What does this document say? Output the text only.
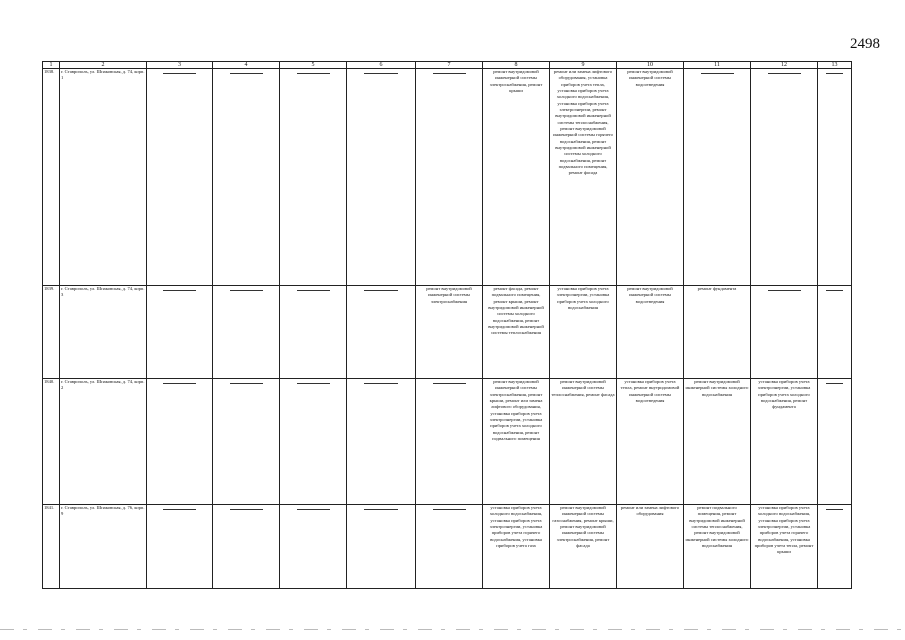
2498
1	2	3	4	5	6	7	8	9	10	11	12	13
1838.	г. Ставрополь, ул. Шпаковская, д. 74, корп. 1						ремонт внутридомовой инженерной системы электроснабжения, ремонт крыши	ремонт или замена лифтового оборудования, установка приборов учета тепла, установка приборов учета холодного водоснабжения, установка приборов учета электроэнергии, ремонт внутридомовой инженерной системы теплоснабжения, ремонт внутридомовой инженерной системы горячего водоснабжения, ремонт внутридомовой инженерной системы холодного водоснабжения, ремонт подвального помещения, ремонт фасада	ремонт внутридомовой инженерной системы водоотведения			
1839.	г. Ставрополь, ул. Шпаковская, д. 74, корп. 3					ремонт внутридомовой инженерной системы электроснабжения	ремонт фасада, ремонт подвального помещения, ремонт крыши, ремонт внутридомовой инженерной системы холодного водоснабжения, ремонт внутридомовой инженерной системы теплоснабжения	установка приборов учета электроэнергии, установка приборов учета холодного водоснабжения	ремонт внутридомовой инженерной системы водоотведения	ремонт фундамента		
1840.	г. Ставрополь, ул. Шпаковская, д. 74, корп. 2						ремонт внутридомовой инженерной системы электроснабжения, ремонт крыши, ремонт или замена лифтового оборудования, установка приборов учета электроэнергии, установка приборов учета холодного водоснабжения, ремонт подвального помещения	ремонт внутридомовой инженерной системы теплоснабжения, ремонт фасада	установка приборов учета тепла, ремонт внутридомовой инженерной системы водоотведения	ремонт внутридомовой инженерной системы холодного водоснабжения	установка приборов учета электроэнергии, установка приборов учета холодного водоснабжения, ремонт фундамента	
1841.	г. Ставрополь, ул. Шпаковская, д. 76, корп. 9						установка приборов учета холодного водоснабжения, установка приборов учета электроэнергии, установка приборов учета горячего водоснабжения, установка приборов учета газа	ремонт внутридомовой инженерной системы газоснабжения, ремонт крыши, ремонт внутридомовой инженерной системы электроснабжения, ремонт фасада	ремонт или замена лифтового оборудования	ремонт подвального помещения, ремонт внутридомовой инженерной системы теплоснабжения, ремонт внутридомовой инженерной системы холодного водоснабжения	установка приборов учета холодного водоснабжения, установка приборов учета электроэнергии, установка приборов учета горячего водоснабжения, установка приборов учета тепла, ремонт крыши	
